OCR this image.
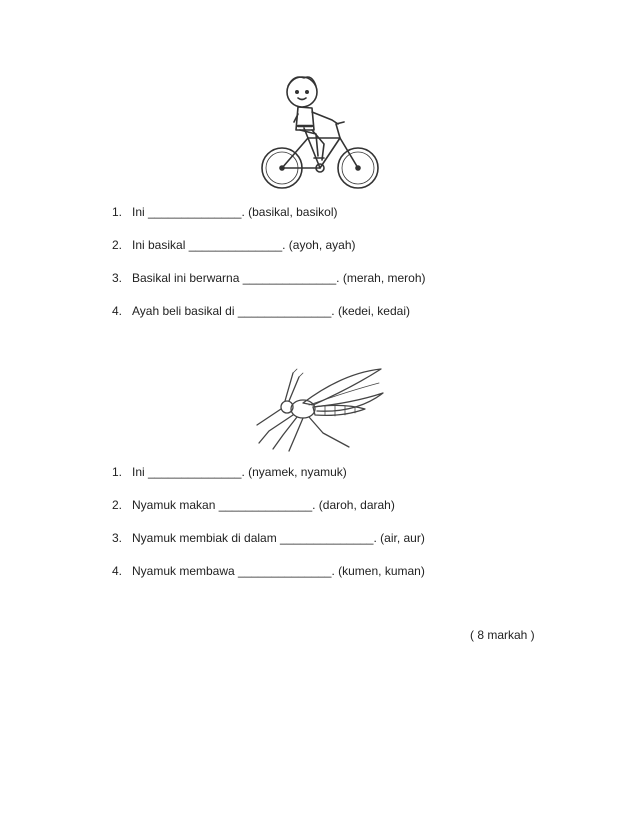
1. Ini ______________. (basikal, basikol)
2. Ini basikal ______________. (ayoh, ayah)
3. Basikal ini berwarna ______________. (merah, meroh)
4. Ayah beli basikal di ______________. (kedei, kedai)
1. Ini ______________. (nyamek, nyamuk)
2. Nyamuk makan ______________. (daroh, darah)
3. Nyamuk membiak di dalam ______________. (air, aur)
4. Nyamuk membawa ______________. (kumen, kuman)
( 8 markah )
